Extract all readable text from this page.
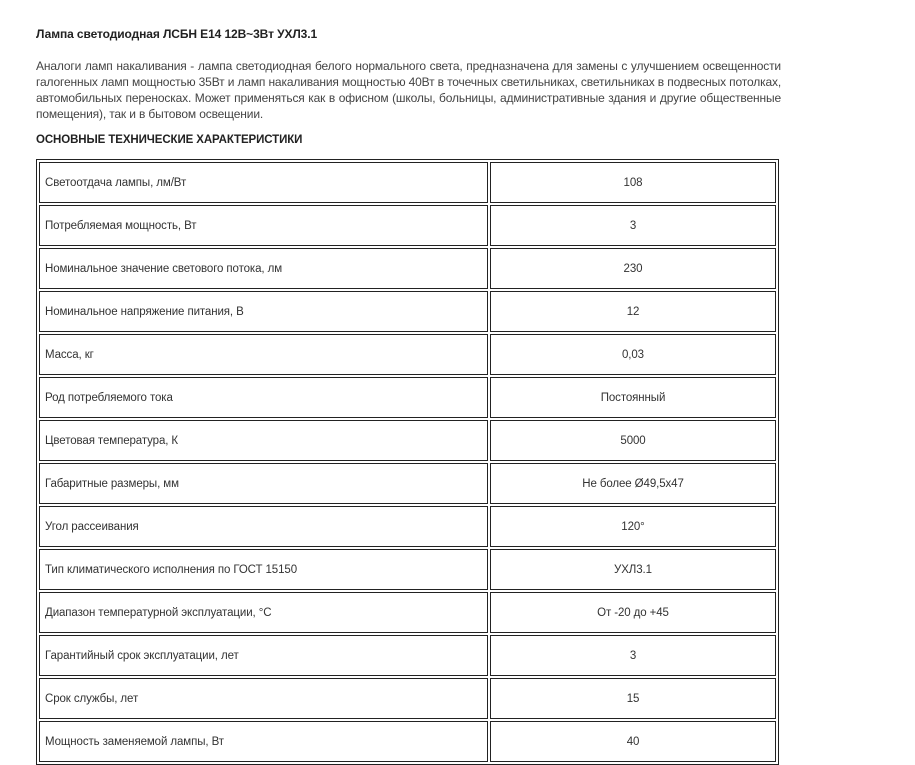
Лампа светодиодная ЛСБН Е14 12В~3Вт УХЛ3.1
Аналоги ламп накаливания - лампа светодиодная белого нормального света, предназначена для замены с улучшением освещенности галогенных ламп мощностью 35Вт и ламп накаливания мощностью 40Вт в точечных светильниках, светильниках в подвесных потолках, автомобильных переносках. Может применяться как в офисном (школы, больницы, административные здания и другие общественные помещения), так и в бытовом освещении.
ОСНОВНЫЕ ТЕХНИЧЕСКИЕ ХАРАКТЕРИСТИКИ
Светоотдача лампы, лм/Вт	108
Потребляемая мощность, Вт	3
Номинальное значение светового потока, лм	230
Номинальное напряжение питания, В	12
Масса, кг	0,03
Род потребляемого тока	Постоянный
Цветовая температура, К	5000
Габаритные размеры, мм	Не более Ø49,5х47
Угол рассеивания	120°
Тип климатического исполнения по ГОСТ 15150	УХЛ3.1
Диапазон температурной эксплуатации, °С	От -20 до +45
Гарантийный срок эксплуатации, лет	3
Срок службы, лет	15
Мощность заменяемой лампы, Вт	40
